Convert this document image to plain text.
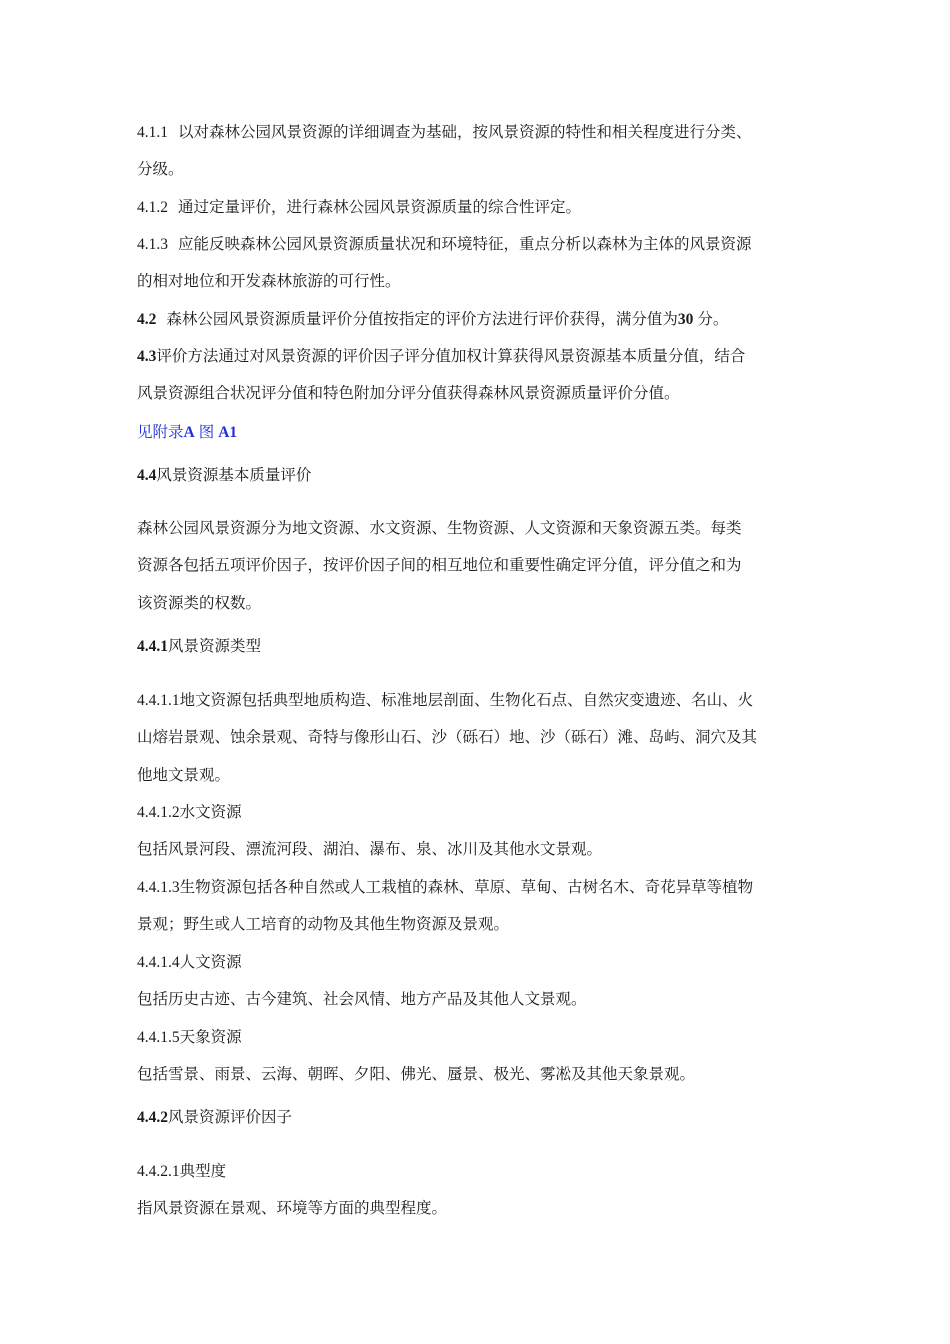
4.1.1 以对森林公园风景资源的详细调查为基础，按风景资源的特性和相关程度进行分类、

分级。

4.1.2 通过定量评价，进行森林公园风景资源质量的综合性评定。

4.1.3 应能反映森林公园风景资源质量状况和环境特征，重点分析以森林为主体的风景资源

的相对地位和开发森林旅游的可行性。

4.2 森林公园风景资源质量评价分值按指定的评价方法进行评价获得，满分值为30 分。

4.3评价方法通过对风景资源的评价因子评分值加权计算获得风景资源基本质量分值，结合

风景资源组合状况评分值和特色附加分评分值获得森林风景资源质量评价分值。

见附录A 图 A1

4.4风景资源基本质量评价

森林公园风景资源分为地文资源、水文资源、生物资源、人文资源和天象资源五类。每类

资源各包括五项评价因子，按评价因子间的相互地位和重要性确定评分值，评分值之和为

该资源类的权数。

4.4.1风景资源类型

4.4.1.1地文资源包括典型地质构造、标准地层剖面、生物化石点、自然灾变遗迹、名山、火

山熔岩景观、蚀余景观、奇特与像形山石、沙（砾石）地、沙（砾石）滩、岛屿、洞穴及其

他地文景观。

4.4.1.2水文资源

包括风景河段、漂流河段、湖泊、瀑布、泉、冰川及其他水文景观。

4.4.1.3生物资源包括各种自然或人工栽植的森林、草原、草甸、古树名木、奇花异草等植物

景观；野生或人工培育的动物及其他生物资源及景观。

4.4.1.4人文资源

包括历史古迹、古今建筑、社会风情、地方产品及其他人文景观。

4.4.1.5天象资源

包括雪景、雨景、云海、朝晖、夕阳、佛光、蜃景、极光、雾凇及其他天象景观。

4.4.2风景资源评价因子

4.4.2.1典型度

指风景资源在景观、环境等方面的典型程度。
